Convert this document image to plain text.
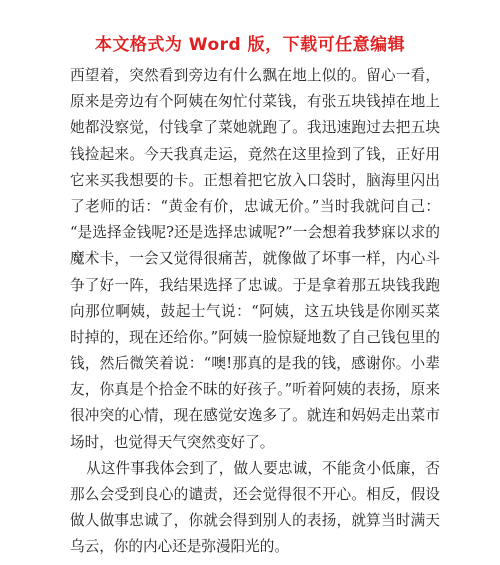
本文格式为 Word 版，下载可任意编辑
西望着，突然看到旁边有什么飘在地上似的。留心一看，
原来是旁边有个阿姨在匆忙付菜钱，有张五块钱掉在地上
她都没察觉，付钱拿了菜她就跑了。我迅速跑过去把五块
钱捡起来。今天我真走运，竟然在这里捡到了钱，正好用
它来买我想要的卡。正想着把它放入口袋时，脑海里闪出
了老师的话：“黄金有价，忠诚无价。”当时我就问自己：
“是选择金钱呢?还是选择忠诚呢?”一会想着我梦寐以求的
魔术卡，一会又觉得很痛苦，就像做了坏事一样，内心斗
争了好一阵，我结果选择了忠诚。于是拿着那五块钱我跑
向那位啊姨，鼓起士气说：“阿姨，这五块钱是你刚买菜
时掉的，现在还给你。”阿姨一脸惊疑地数了自己钱包里的
钱，然后微笑着说：“噢!那真的是我的钱，感谢你。小辈
友，你真是个拾金不昧的好孩子。”听着阿姨的表扬，原来
很冲突的心情，现在感觉安逸多了。就连和妈妈走出菜市
场时，也觉得天气突然变好了。
从这件事我体会到了，做人要忠诚，不能贪小低廉，否
那么会受到良心的谴责，还会觉得很不开心。相反，假设
做人做事忠诚了，你就会得到别人的表扬，就算当时满天
乌云，你的内心还是弥漫阳光的。
